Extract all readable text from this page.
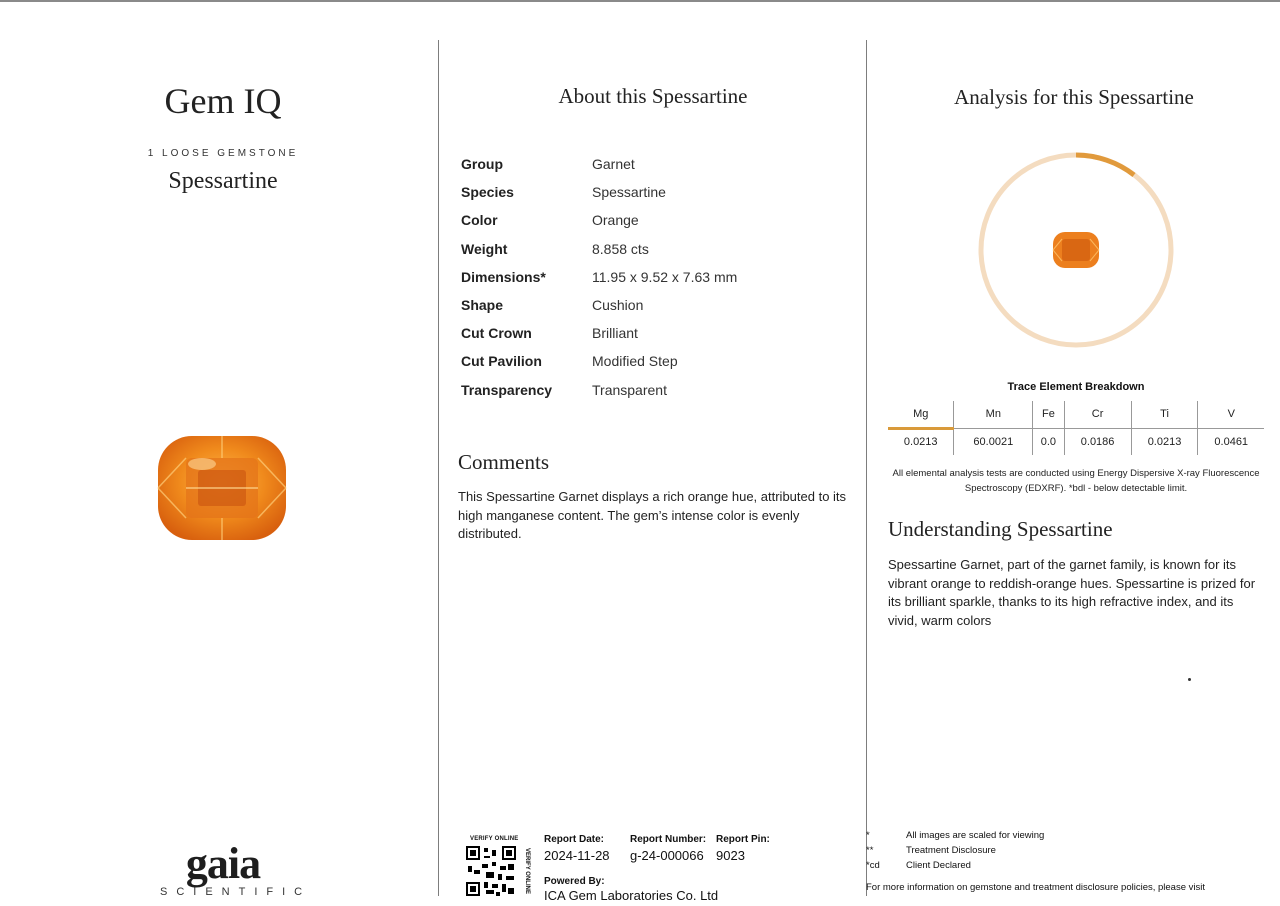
Gem IQ
1 LOOSE GEMSTONE
Spessartine
gaia
SCIENTIFIC
About this Spessartine
Group	Garnet
Species	Spessartine
Color	Orange
Weight	8.858 cts
Dimensions*	11.95 x 9.52 x 7.63 mm
Shape	Cushion
Cut Crown	Brilliant
Cut Pavilion	Modified Step
Transparency	Transparent
Comments
This Spessartine Garnet displays a rich orange hue, attributed to its high manganese content. The gem’s intense color is evenly distributed.
VERIFY ONLINE
VERIFY ONLINE
Report Date:
2024-11-28
Report Number:
g-24-000066
Report Pin:
9023
Powered By:
ICA Gem Laboratories Co. Ltd
Analysis for this Spessartine
Trace Element Breakdown
Mg	Mn	Fe	Cr	Ti	V
0.0213	60.0021	0.0	0.0186	0.0213	0.0461
All elemental analysis tests are conducted using Energy Dispersive X-ray Fluorescence Spectroscopy (EDXRF). *bdl - below detectable limit.
Understanding Spessartine
Spessartine Garnet, part of the garnet family, is known for its vibrant orange to reddish-orange hues. Spessartine is prized for its brilliant sparkle, thanks to its high refractive index, and its vivid, warm colors
*	All images are scaled for viewing
**	Treatment Disclosure
*cd	Client Declared
For more information on gemstone and treatment disclosure policies, please visit
